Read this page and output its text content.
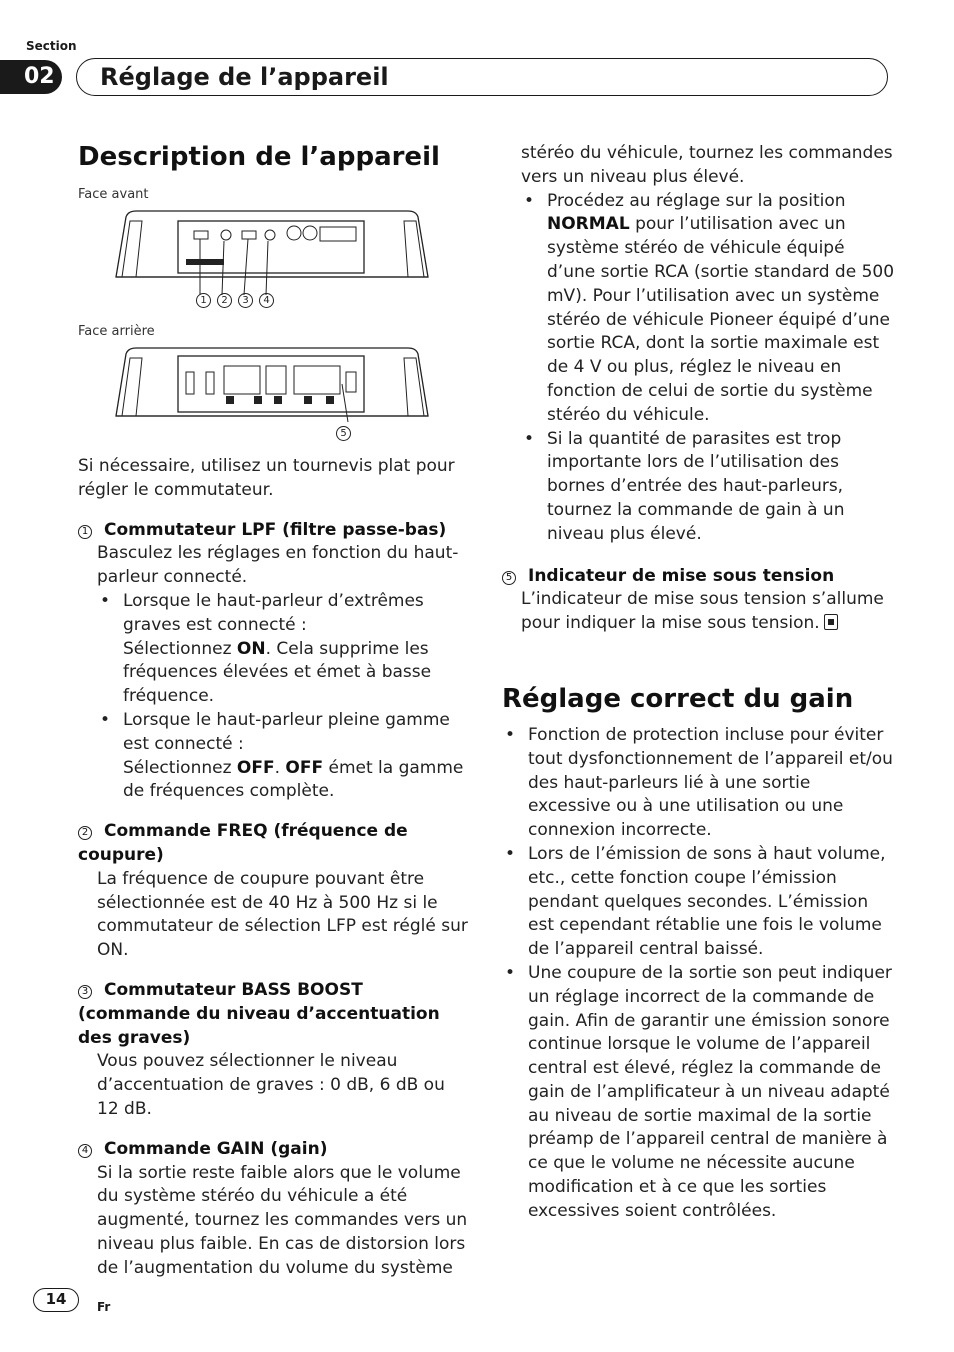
Section
02	Réglage de l’appareil
Description de l’appareil
Face avant
1	2	3	4
Face arrière
5

Si nécessaire, utilisez un tournevis plat pour régler le commutateur.

1 Commutateur LPF (filtre passe-bas)

Basculez les réglages en fonction du haut-parleur connecté.

• Lorsque le haut-parleur d’extrêmes graves est connecté :
Sélectionnez ON. Cela supprime les fréquences élevées et émet à basse fréquence.
• Lorsque le haut-parleur pleine gamme est connecté :
Sélectionnez OFF. OFF émet la gamme de fréquences complète.
2 Commande FREQ (fréquence de coupure)

La fréquence de coupure pouvant être sélectionnée est de 40 Hz à 500 Hz si le commutateur de sélection LFP est réglé sur ON.

3 Commutateur BASS BOOST (commande du niveau d’accentuation des graves)

Vous pouvez sélectionner le niveau d’accentuation de graves : 0 dB, 6 dB ou 12 dB.

4 Commande GAIN (gain)

Si la sortie reste faible alors que le volume du système stéréo du véhicule a été augmenté, tournez les commandes vers un niveau plus faible. En cas de distorsion lors de l’augmentation du volume du système

stéréo du véhicule, tournez les commandes vers un niveau plus élevé.

• Procédez au réglage sur la position NORMAL pour l’utilisation avec un système stéréo de véhicule équipé d’une sortie RCA (sortie standard de 500 mV). Pour l’utilisation avec un système stéréo de véhicule Pioneer équipé d’une sortie RCA, dont la sortie maximale est de 4 V ou plus, réglez le niveau en fonction de celui de sortie du système stéréo du véhicule.
• Si la quantité de parasites est trop importante lors de l’utilisation des bornes d’entrée des haut-parleurs, tournez la commande de gain à un niveau plus élevé.
5 Indicateur de mise sous tension

L’indicateur de mise sous tension s’allume pour indiquer la mise sous tension.

Réglage correct du gain
• Fonction de protection incluse pour éviter tout dysfonctionnement de l’appareil et/ou des haut-parleurs lié à une sortie excessive ou à une utilisation ou une connexion incorrecte.
• Lors de l’émission de sons à haut volume, etc., cette fonction coupe l’émission pendant quelques secondes. L’émission est cependant rétablie une fois le volume de l’appareil central baissé.
• Une coupure de la sortie son peut indiquer un réglage incorrect de la commande de gain. Afin de garantir une émission sonore continue lorsque le volume de l’appareil central est élevé, réglez la commande de gain de l’amplificateur à un niveau adapté au niveau de sortie maximal de la sortie préamp de l’appareil central de manière à ce que le volume ne nécessite aucune modification et à ce que les sorties excessives soient contrôlées.
14	Fr
